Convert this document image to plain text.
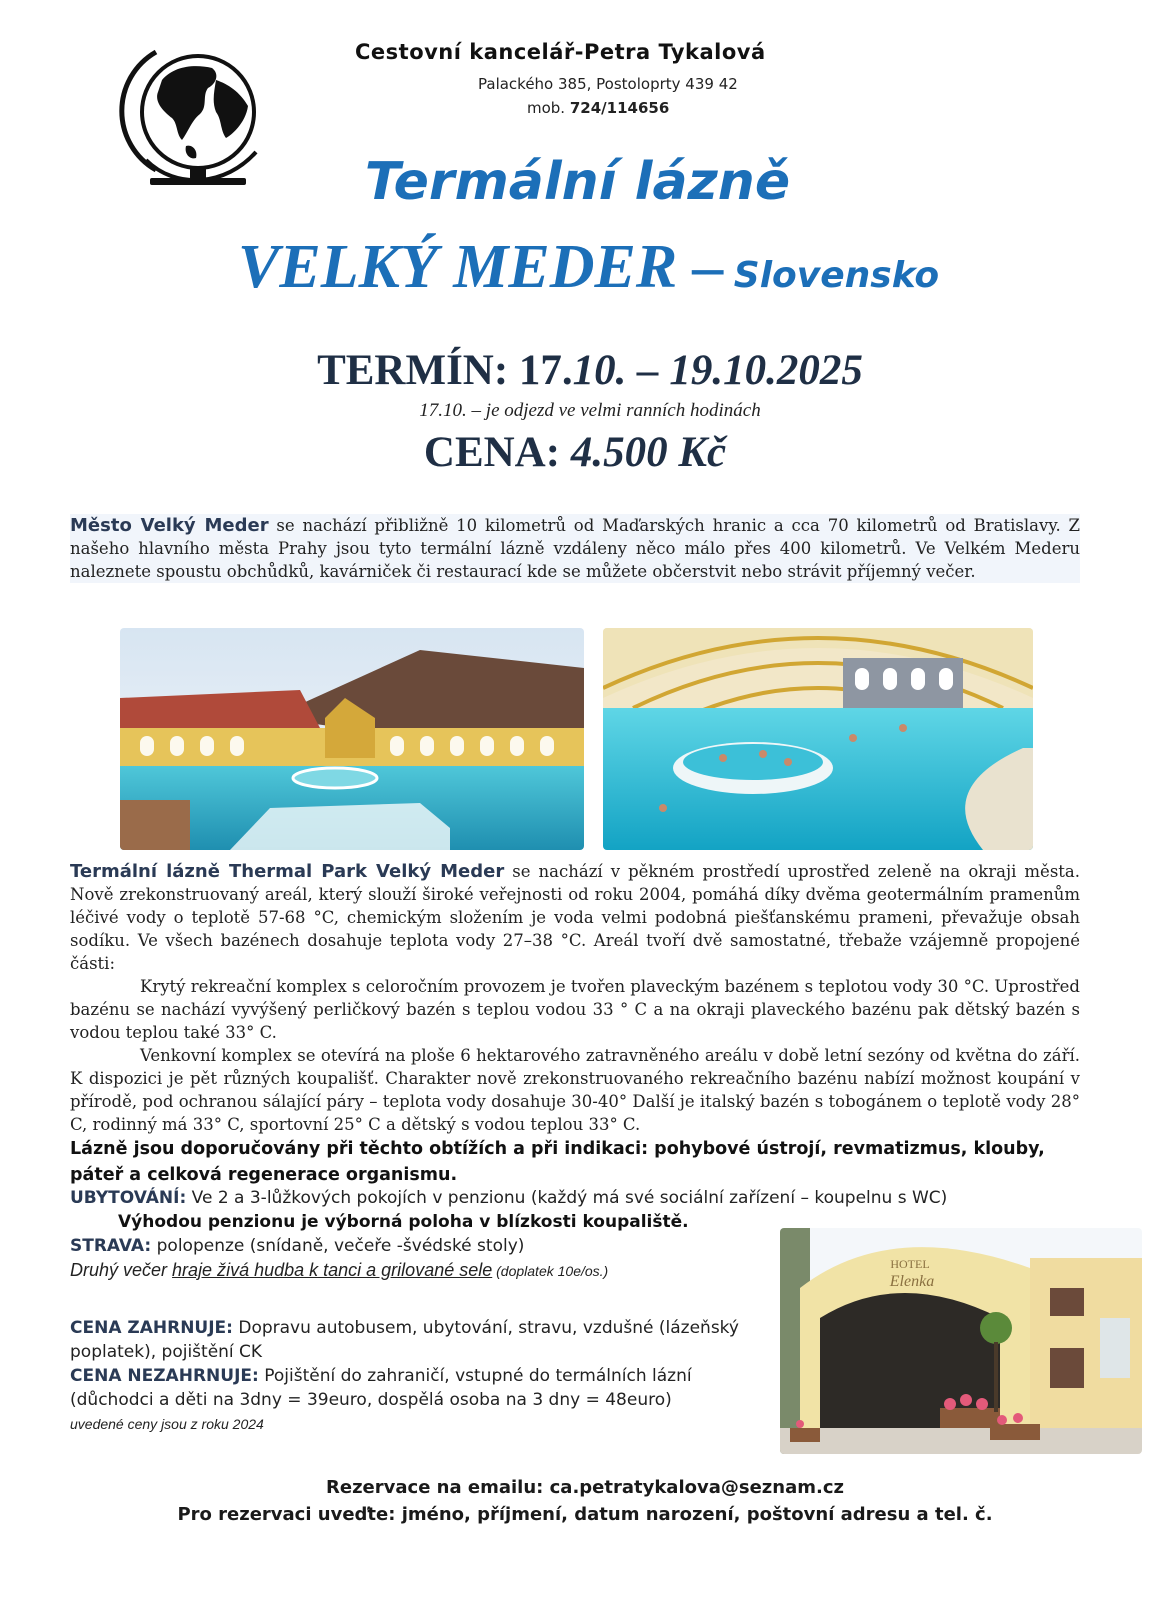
Cestovní kancelář-Petra Tykalová
Palackého 385, Postoloprty 439 42
mob. 724/114656
Termální lázně
VELKÝ MEDER – Slovensko
TERMÍN: 17.10. – 19.10.2025
17.10. – je odjezd ve velmi ranních hodinách
CENA: 4.500 Kč
Město Velký Meder se nachází přibližně 10 kilometrů od Maďarských hranic a cca 70 kilometrů od Bratislavy. Z našeho hlavního města Prahy jsou tyto termální lázně vzdáleny něco málo přes 400 kilometrů. Ve Velkém Mederu naleznete spoustu obchůdků, kavárniček či restaurací kde se můžete občerstvit nebo strávit příjemný večer.

Termální lázně Thermal Park Velký Meder se nachází v pěkném prostředí uprostřed zeleně na okraji města. Nově zrekonstruovaný areál, který slouží široké veřejnosti od roku 2004, pomáhá díky dvěma geotermálním pramenům léčivé vody o teplotě 57-68 °C, chemickým složením je voda velmi podobná piešťanskému prameni, převažuje obsah sodíku. Ve všech bazénech dosahuje teplota vody 27–38 °C. Areál tvoří dvě samostatné, třebaže vzájemně propojené části:

Krytý rekreační komplex s celoročním provozem je tvořen plaveckým bazénem s teplotou vody 30 °C. Uprostřed bazénu se nachází vyvýšený perličkový bazén s teplou vodou 33 ° C a na okraji plaveckého bazénu pak dětský bazén s vodou teplou také 33° C.

Venkovní komplex se otevírá na ploše 6 hektarového zatravněného areálu v době letní sezóny od května do září. K dispozici je pět různých koupališť. Charakter nově zrekonstruovaného rekreačního bazénu nabízí možnost koupání v přírodě, pod ochranou sálající páry – teplota vody dosahuje 30-40° Další je italský bazén s tobogánem o teplotě vody 28° C, rodinný má 33° C, sportovní 25° C a dětský s vodou teplou 33° C.

Lázně jsou doporučovány při těchto obtížích a při indikaci: pohybové ústrojí, revmatizmus, klouby, páteř a celková regenerace organismu.

UBYTOVÁNÍ: Ve 2 a 3-lůžkových pokojích v penzionu (každý má své sociální zařízení – koupelnu s WC)
Výhodou penzionu je výborná poloha v blízkosti koupaliště.
STRAVA: polopenze (snídaně, večeře -švédské stoly)
Druhý večer hraje živá hudba k tanci a grilované sele (doplatek 10e/os.)
CENA ZAHRNUJE: Dopravu autobusem, ubytování, stravu, vzdušné (lázeňský poplatek), pojištění CK
CENA NEZAHRNUJE: Pojištění do zahraničí, vstupné do termálních lázní (důchodci a děti na 3dny = 39euro, dospělá osoba na 3 dny = 48euro)
uvedené ceny jsou z roku 2024
HOTEL
Elenka
Rezervace na emailu: ca.petratykalova@seznam.cz
Pro rezervaci uveďte: jméno, příjmení, datum narození, poštovní adresu a tel. č.
